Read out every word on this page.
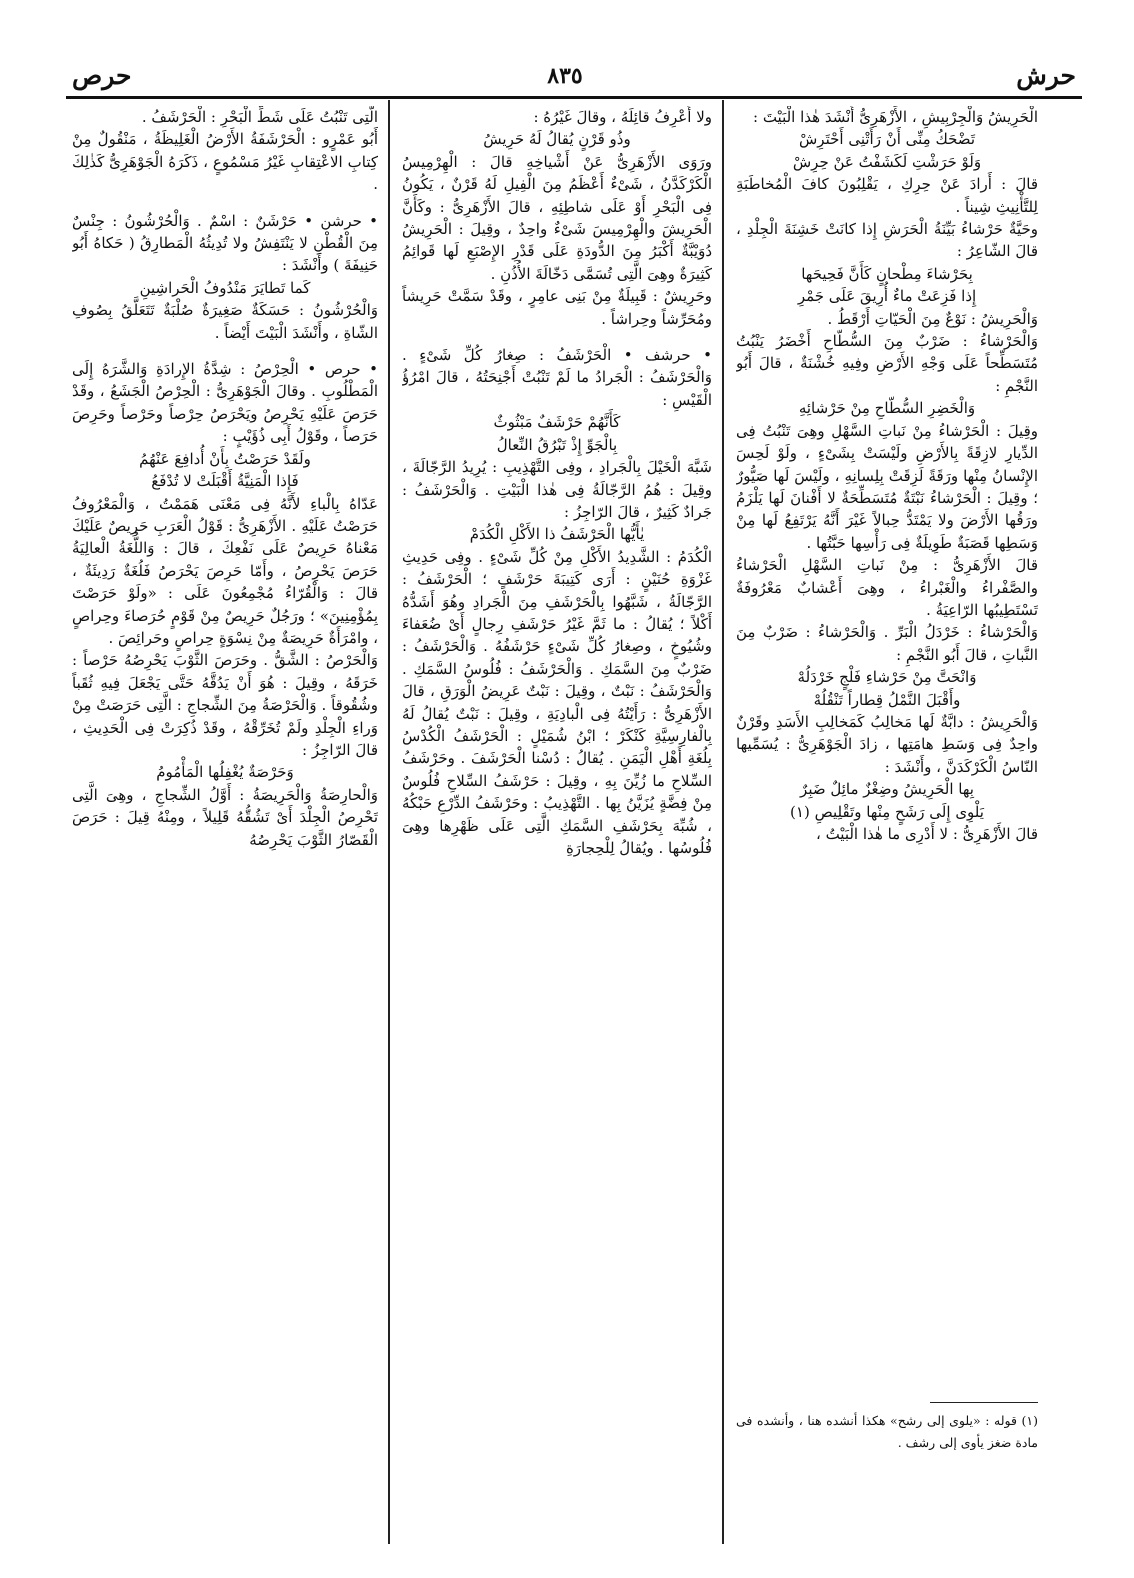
حرص	٨٣٥	حرش

الْحَرِيشُ وَالْجِرْبِيشِ ، الأَزْهَرِىُّ أَنْشَدَ هٰذا الْبَيْتَ :

تَضْحَكُ مِنِّى أَنْ رَأَتْنِى أَحْتَرِشْ

وَلَوْ حَرَشْتِ لَكَشَفْتُ عَنْ حِرِشْ

قالَ : أَرادَ عَنْ حِرِكِ ، يَقْلِبُونَ كافَ الْمُخاطَبَةِ لِلتَّأْنِيثِ شِيناً .

وحَيَّةٌ حَرْشاءُ بَيِّنَةُ الْحَرَشِ إِذا كانَتْ خَشِنَةَ الْجِلْدِ ، قالَ الشّاعِرُ :

بِحَرْشاءَ مِطْحانٍ كَأَنَّ فَحِيحَها

إِذا فَزِعَتْ ماءٌ أُرِيقَ عَلَى جَمْرِ

وَالْحَرِيشُ : نَوْعٌ مِنَ الْحَيّاتِ أَرْقَطُ .

وَالْحَرْشاءُ : ضَرْبٌ مِنَ السُّطّاحِ أَخْضَرُ يَنْبُتُ مُتَسَطِّحاً عَلَى وَجْهِ الأَرْضِ وفِيهِ خُشْنَةٌ ، قالَ أَبُو النَّجْمِ :

وَالْخَضِرِ السُّطّاحِ مِنْ حَرْشائِهِ

وقِيلَ : الْحَرْشاءُ مِنْ نَباتِ السَّهْلِ وهِىَ تَنْبُتُ فِى الدِّيارِ لازِقَةً بِالأَرْضِ ولَيْسَتْ بِشَىْءٍ ، ولَوْ لَحِسَ الإِنْسانُ مِنْها ورَقَةً لَزِقَتْ بِلِسانِهِ ، ولَيْسَ لَها صَيُّورٌ ؛ وقِيلَ : الْحَرْشاءُ نَبْتَةٌ مُتَسَطِّحَةٌ لا أَفْنانَ لَها يَلْزَمُ ورَقُها الأَرْضَ ولا يَمْتَدُّ حِبالاً غَيْرَ أَنَّهُ يَرْتَفِعُ لَها مِنْ وَسَطِها قَصَبَةٌ طَوِيلَةٌ فِى رَأْسِها حَبَّتُها .

قالَ الأَزْهَرِىُّ : مِنْ نَباتِ السَّهْلِ الْحَرْشاءُ والصَّفْراءُ والْغَبْراءُ ، وهِىَ أَعْشابٌ مَعْرُوفَةٌ تَسْتَطِيبُها الرّاعِيَةُ .

وَالْحَرْشاءُ : خَرْدَلُ الْبَرِّ . وَالْحَرْشاءُ : ضَرْبٌ مِنَ النَّباتِ ، قالَ أَبُو النَّجْمِ :

وَانْحَتَّ مِنْ حَرْشاءِ فَلْجٍ خَرْدَلُهْ

وأَقْبَلَ النَّمْلُ قِطاراً تَنْقُلُهْ

وَالْحَرِيشُ : دابَّةٌ لَها مَخالِبُ كَمَخالِبِ الأَسَدِ وقَرْنٌ واحِدٌ فِى وَسَطِ هامَتِها ، زادَ الْجَوْهَرِىُّ : يُسَمِّيها النّاسُ الْكَرْكَدَنَّ ، وأَنْشَدَ :

بِها الْحَرِيشُ وضِغْزٌ مائِلٌ ضَبِرٌ

يَلْوِى إِلَى رَشَحٍ مِنْها وتَقْلِيصِ (١)

قالَ الأَزْهَرِىُّ : لا أَدْرِى ما هٰذا الْبَيْتُ ،

ولا أَعْرِفُ قائِلَهُ ، وقالَ غَيْرُهُ :

وذُو قَرْنٍ يُقالُ لَهُ حَرِيشُ

ورَوَى الأَزْهَرِىُّ عَنْ أَشْياخِهِ قالَ : الْهِرْمِيسُ الْكَرْكَدَّنُ ، شَىْءٌ أَعْظَمُ مِنَ الْفِيلِ لَهُ قَرْنٌ ، يَكُونُ فِى الْبَحْرِ أَوْ عَلَى شاطِئِهِ ، قالَ الأَزْهَرِىُّ : وكَأَنَّ الْحَرِيشَ والْهِرْمِيسَ شَىْءٌ واحِدٌ ، وقِيلَ : الْحَرِيشُ دُوَيْبَّةٌ أَكْبَرُ مِنَ الدُّودَةِ عَلَى قَدْرِ الإِصْبَعِ لَها قَوائِمُ كَثِيرَةٌ وهِىَ الَّتِى تُسَمَّى دَخّالَةَ الأُذُنِ .

وحَرِيشٌ : قَبِيلَةٌ مِنْ بَنِى عامِرٍ ، وقَدْ سَمَّتْ حَرِيشاً ومُحَرِّشاً وحِراشاً .

• حرشف • الْحَرْشَفُ : صِغارُ كُلِّ شَىْءٍ . وَالْحَرْشَفُ : الْجَرادُ ما لَمْ تَنْبُتْ أَجْنِحَتُهُ ، قالَ امْرُؤُ الْقَيْسِ :

كَأَنَّهُمْ حَرْشَفٌ مَبْثُوثٌ

بِالْجَوِّ إِذْ تَبْرُقُ النِّعالُ

شَبَّهَ الْخَيْلَ بِالْجَرادِ ، وفِى التَّهْذِيبِ : يُرِيدُ الرَّجّالَةَ ، وقِيلَ : هُمُ الرَّجّالَةُ فِى هٰذا الْبَيْتِ . وَالْحَرْشَفُ : جَرادٌ كَثِيرٌ ، قالَ الرّاجِزُ :

يٰأَيُّها الْحَرْشَفُ ذا الأَكْلِ الْكُدَمْ

الْكُدَمُ : الشَّدِيدُ الأَكْلِ مِنْ كُلِّ شَىْءٍ . وفِى حَدِيثِ غَزْوَةِ حُنَيْنٍ : أَرَى كَتِيبَةَ حَرْشَفٍ ؛ الْحَرْشَفُ : الرَّجّالَةُ ، شَبَّهُوا بِالْحَرْشَفِ مِنَ الْجَرادِ وهُوَ أَشَدُّهُ أَكْلاً ؛ يُقالُ : ما ثَمَّ غَيْرُ حَرْشَفِ رِجالٍ أَىْ ضُعَفاءَ وشُيُوخٍ ، وصِغارُ كُلِّ شَىْءٍ حَرْشَفُهُ . وَالْحَرْشَفُ : ضَرْبٌ مِنَ السَّمَكِ . وَالْحَرْشَفُ : فُلُوسُ السَّمَكِ . وَالْحَرْشَفُ : نَبْتٌ ، وقِيلَ : نَبْتٌ عَرِيضُ الْوَرَقِ ، قالَ الأَزْهَرِىُّ : رَأَيْتُهُ فِى الْبادِيَةِ ، وقِيلَ : نَبْتٌ يُقالُ لَهُ بِالْفارِسِيَّةِ كَنْكَرْ ؛ ابْنُ شُمَيْلٍ : الْحَرْشَفُ الْكُدْسُ بِلُغَةِ أَهْلِ الْيَمَنِ . يُقالُ : دُسْنا الْحَرْشَفَ . وحَرْشَفُ السِّلاحِ ما زُيِّنَ بِهِ ، وقِيلَ : حَرْشَفُ السِّلاحِ فُلُوسٌ مِنْ فِضَّةٍ يُزَيَّنُ بِها . التَّهْذِيبُ : وحَرْشَفُ الدِّرْعِ حَبْكُهُ ، شُبِّهَ بِحَرْشَفِ السَّمَكِ الَّتِى عَلَى ظَهْرِها وهِىَ فُلُوسُها . ويُقالُ لِلْحِجارَةِ

الَّتِى تَنْبُتُ عَلَى شَطِّ الْبَحْرِ : الْحَرْشَفُ .

أَبُو عَمْرٍو : الْحَرْشَفَةُ الأَرْضُ الْغَلِيظَةُ ، مَنْقُولٌ مِنْ كِتابِ الاعْتِقابِ غَيْرُ مَسْمُوعٍ ، ذَكَرَهُ الْجَوْهَرِىُّ كَذٰلِكَ .

• حرشن • حَرْشَنٌ : اسْمٌ . وَالْحُرْشُونُ : جِنْسٌ مِنَ الْقُطْنِ لا يَنْتَفِشُ ولا تُدِيثُهُ الْمَطارِقُ ( حَكاهُ أَبُو حَنِيفَةَ ) وأَنْشَدَ :

كَما تَطايَرَ مَنْدُوفُ الْحَراشِينِ

وَالْحُرْشُونُ : حَسَكَةٌ صَغِيرَةٌ صُلْبَةٌ تَتَعَلَّقُ بِصُوفِ الشّاةِ ، وأَنْشَدَ الْبَيْتَ أَيْضاً .

• حرص • الْحِرْصُ : شِدَّةُ الإِرادَةِ وَالشَّرَهُ إِلَى الْمَطْلُوبِ . وقالَ الْجَوْهَرِىُّ : الْحِرْصُ الْجَشَعُ ، وقَدْ حَرَصَ عَلَيْهِ يَحْرِصُ ويَحْرَصُ حِرْصاً وحَرْصاً وحَرِصَ حَرَصاً ، وقَوْلُ أَبِى ذُؤَيْبٍ :

ولَقَدْ حَرَصْتُ بِأَنْ أُدافِعَ عَنْهُمُ

فَإِذا الْمَنِيَّةُ أَقْبَلَتْ لا تُدْفَعُ

عَدّاهُ بِالْباءِ لأَنَّهُ فِى مَعْنَى هَمَمْتُ ، وَالْمَعْرُوفُ حَرَصْتُ عَلَيْهِ . الأَزْهَرِىُّ : قَوْلُ الْعَرَبِ حَرِيصٌ عَلَيْكَ مَعْناهُ حَرِيصٌ عَلَى نَفْعِكَ ، قالَ : وَاللُّغَةُ الْعالِيَةُ حَرَصَ يَحْرِصُ ، وأَمّا حَرِصَ يَحْرَصُ فَلُغَةٌ رَدِيئَةٌ ، قالَ : وَالْقُرّاءُ مُجْمِعُونَ عَلَى : «ولَوْ حَرَصْتَ بِمُؤْمِنِينَ» ؛ ورَجُلٌ حَرِيصٌ مِنْ قَوْمٍ حُرَصاءَ وحِراصٍ ، وامْرَأَةٌ حَرِيصَةٌ مِنْ نِسْوَةٍ حِراصٍ وحَرائِصَ .

وَالْحَرْصُ : الشَّقُّ . وحَرَصَ الثَّوْبَ يَحْرِصُهُ حَرْصاً : خَرَقَهُ ، وقِيلَ : هُوَ أَنْ يَدُقَّهُ حَتَّى يَجْعَلَ فِيهِ ثُقَباً وشُقُوقاً . وَالْحَرْصَةُ مِنَ الشِّجاجِ : الَّتِى حَرَصَتْ مِنْ وَراءِ الْجِلْدِ ولَمْ تُخَرِّقْهُ ، وقَدْ ذُكِرَتْ فِى الْحَدِيثِ ، قالَ الرّاجِزُ :

وَحَرْصَةٌ يُغْفِلُها الْمَأْمُومُ

وَالْحارِصَةُ وَالْحَرِيصَةُ : أَوَّلُ الشِّجاجِ ، وهِىَ الَّتِى تَحْرِصُ الْجِلْدَ أَىْ تَشُقُّهُ قَلِيلاً ، ومِنْهُ قِيلَ : حَرَصَ الْقَصّارُ الثَّوْبَ يَحْرِصُهُ

(١) قوله : «يلوى إلى رشح» هكذا أنشده هنا ، وأنشده فى مادة ضغز يأوى إلى رشف .
